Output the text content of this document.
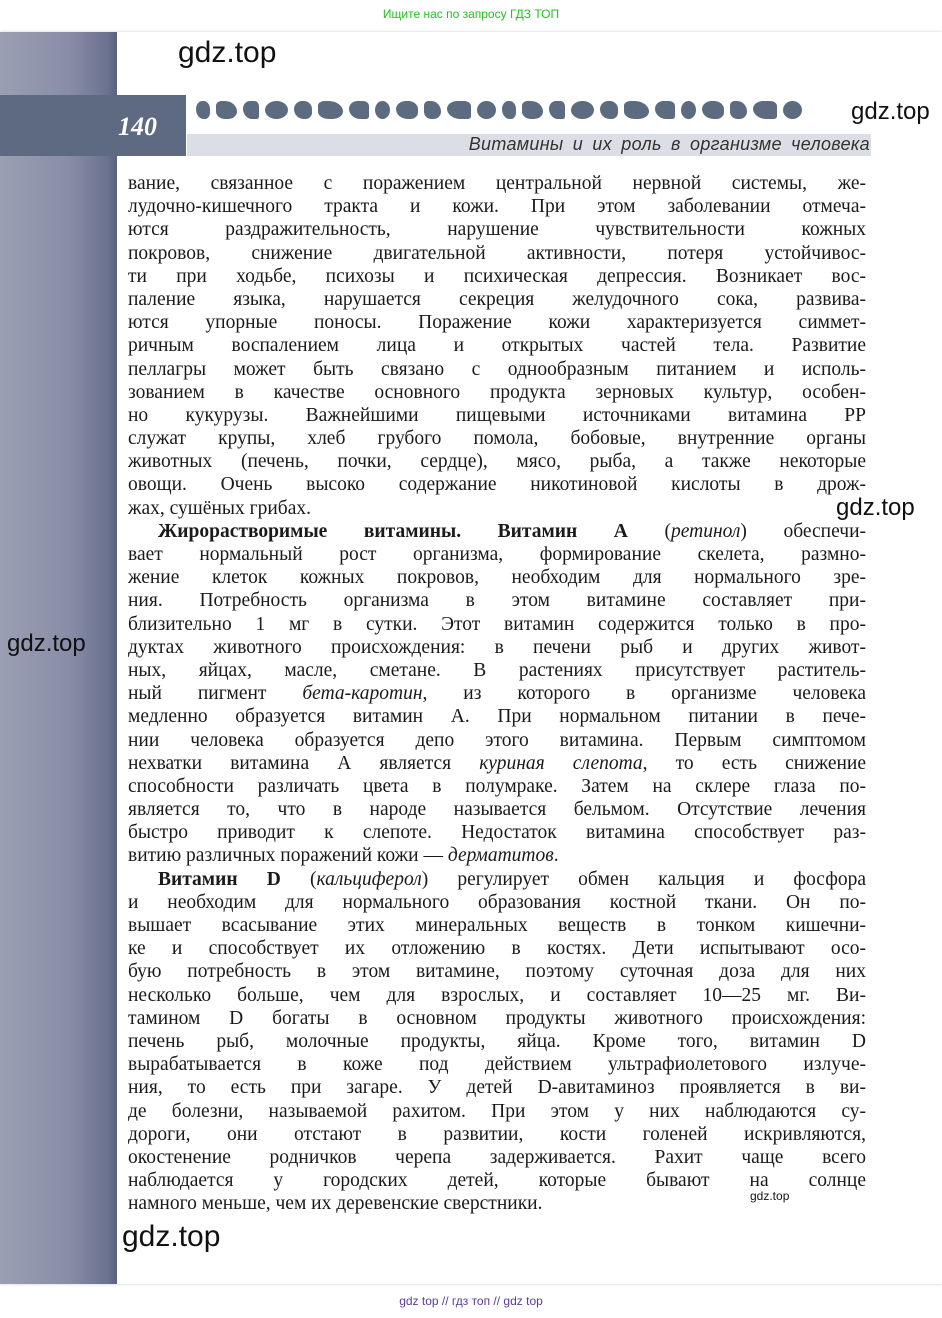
Ищите нас по запросу ГДЗ ТОП
140
Витамины и их роль в организме человека
gdz.top
gdz.top
gdz.top
gdz.top
gdz.top
gdz.top
вание, связанное с поражением центральной нервной системы, же-
лудочно-кишечного тракта и кожи. При этом заболевании отмеча-
ются раздражительность, нарушение чувствительности кожных
покровов, снижение двигательной активности, потеря устойчивос-
ти при ходьбе, психозы и психическая депрессия. Возникает вос-
паление языка, нарушается секреция желудочного сока, развива-
ются упорные поносы. Поражение кожи характеризуется симмет-
ричным воспалением лица и открытых частей тела. Развитие
пеллагры может быть связано с однообразным питанием и исполь-
зованием в качестве основного продукта зерновых культур, особен-
но кукурузы. Важнейшими пищевыми источниками витамина РР
служат крупы, хлеб грубого помола, бобовые, внутренние органы
животных (печень, почки, сердце), мясо, рыба, а также некоторые
овощи. Очень высоко содержание никотиновой кислоты в дрож-
жах, сушёных грибах.
Жирорастворимые витамины. Витамин А (ретинол) обеспечи-
вает нормальный рост организма, формирование скелета, размно-
жение клеток кожных покровов, необходим для нормального зре-
ния. Потребность организма в этом витамине составляет при-
близительно 1 мг в сутки. Этот витамин содержится только в про-
дуктах животного происхождения: в печени рыб и других живот-
ных, яйцах, масле, сметане. В растениях присутствует раститель-
ный пигмент бета-каротин, из которого в организме человека
медленно образуется витамин А. При нормальном питании в пече-
нии человека образуется депо этого витамина. Первым симптомом
нехватки витамина А является куриная слепота, то есть снижение
способности различать цвета в полумраке. Затем на склере глаза по-
является то, что в народе называется бельмом. Отсутствие лечения
быстро приводит к слепоте. Недостаток витамина способствует раз-
витию различных поражений кожи — дерматитов.
Витамин D (кальциферол) регулирует обмен кальция и фосфора
и необходим для нормального образования костной ткани. Он по-
вышает всасывание этих минеральных веществ в тонком кишечни-
ке и способствует их отложению в костях. Дети испытывают осо-
бую потребность в этом витамине, поэтому суточная доза для них
несколько больше, чем для взрослых, и составляет 10—25 мг. Ви-
тамином D богаты в основном продукты животного происхождения:
печень рыб, молочные продукты, яйца. Кроме того, витамин D
вырабатывается в коже под действием ультрафиолетового излуче-
ния, то есть при загаре. У детей D-авитаминоз проявляется в ви-
де болезни, называемой рахитом. При этом у них наблюдаются су-
дороги, они отстают в развитии, кости голеней искривляются,
окостенение родничков черепа задерживается. Рахит чаще всего
наблюдается у городских детей, которые бывают на солнце
намного меньше, чем их деревенские сверстники.
gdz top // гдз топ // gdz top
